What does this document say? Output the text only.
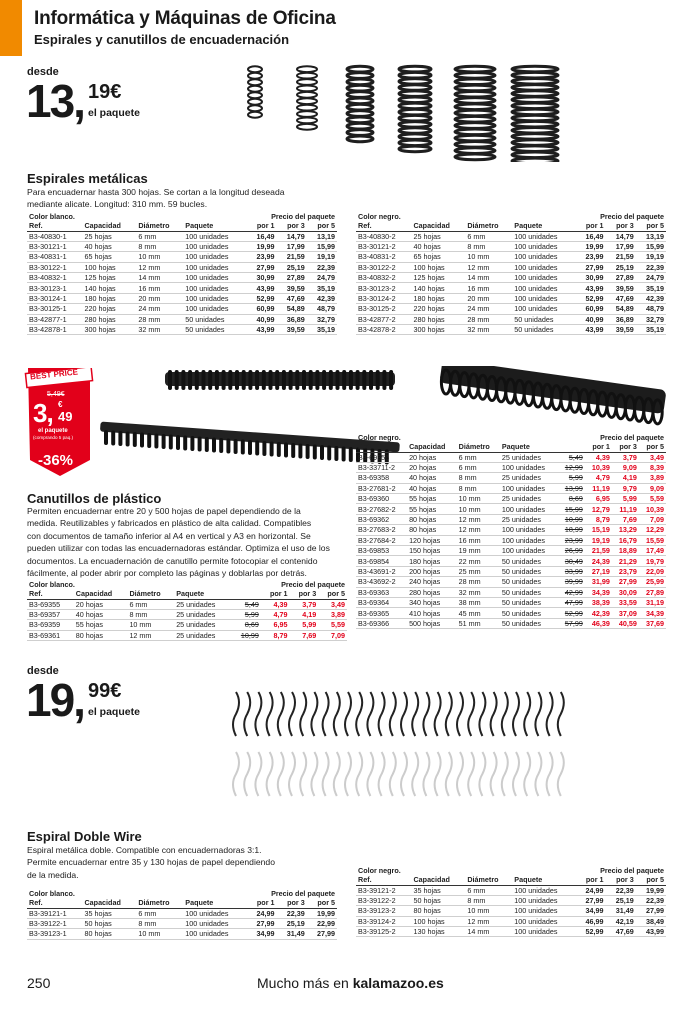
Informática y Máquinas de Oficina
Espirales y canutillos de encuadernación
desde
13, 19€
el paquete
Espirales metálicas
Para encuadernar hasta 300 hojas. Se cortan a la longitud deseada
mediante alicate. Longitud: 310 mm. 59 bucles.
Color blanco.				Precio del paquete		
Ref.	Capacidad	Diámetro	Paquete	por 1	por 3	por 5
B3-40830-1	25 hojas	6 mm	100 unidades	16,49	14,79	13,19
B3-30121-1	40 hojas	8 mm	100 unidades	19,99	17,99	15,99
B3-40831-1	65 hojas	10 mm	100 unidades	23,99	21,59	19,19
B3-30122-1	100 hojas	12 mm	100 unidades	27,99	25,19	22,39
B3-40832-1	125 hojas	14 mm	100 unidades	30,99	27,89	24,79
B3-30123-1	140 hojas	16 mm	100 unidades	43,99	39,59	35,19
B3-30124-1	180 hojas	20 mm	100 unidades	52,99	47,69	42,39
B3-30125-1	220 hojas	24 mm	100 unidades	60,99	54,89	48,79
B3-42877-1	280 hojas	28 mm	50 unidades	40,99	36,89	32,79
B3-42878-1	300 hojas	32 mm	50 unidades	43,99	39,59	35,19
Color negro.				Precio del paquete		
Ref.	Capacidad	Diámetro	Paquete	por 1	por 3	por 5
B3-40830-2	25 hojas	6 mm	100 unidades	16,49	14,79	13,19
B3-30121-2	40 hojas	8 mm	100 unidades	19,99	17,99	15,99
B3-40831-2	65 hojas	10 mm	100 unidades	23,99	21,59	19,19
B3-30122-2	100 hojas	12 mm	100 unidades	27,99	25,19	22,39
B3-40832-2	125 hojas	14 mm	100 unidades	30,99	27,89	24,79
B3-30123-2	140 hojas	16 mm	100 unidades	43,99	39,59	35,19
B3-30124-2	180 hojas	20 mm	100 unidades	52,99	47,69	42,39
B3-30125-2	220 hojas	24 mm	100 unidades	60,99	54,89	48,79
B3-42877-2	280 hojas	28 mm	50 unidades	40,99	36,89	32,79
B3-42878-2	300 hojas	32 mm	50 unidades	43,99	39,59	35,19
BEST PRICE
5,49€
3, €
49
el paquete
(comprando 5 paq.)
-36%
Canutillos de plástico
Permiten encuadernar entre 20 y 500 hojas de papel dependiendo de la
medida. Reutilizables y fabricados en plástico de alta calidad. Compatibles
con documentos de tamaño inferior al A4 en vertical y A3 en horizontal. Se
pueden utilizar con todas las encuadernadoras estándar. Optimiza el uso de los
documentos. La encuadernación de canutillo permite fotocopiar el contenido
fácilmente, al poder abrir por completo las páginas y doblarlas por detrás.
Color blanco.				Precio del paquete			
Ref.	Capacidad	Diámetro	Paquete		por 1	por 3	por 5
B3-69355	20 hojas	6 mm	25 unidades	5,49	4,39	3,79	3,49
B3-69357	40 hojas	8 mm	25 unidades	5,99	4,79	4,19	3,89
B3-69359	55 hojas	10 mm	25 unidades	8,69	6,95	5,99	5,59
B3-69361	80 hojas	12 mm	25 unidades	10,99	8,79	7,69	7,09
Color negro.				Precio del paquete			
Ref.	Capacidad	Diámetro	Paquete		por 1	por 3	por 5
B3-69356	20 hojas	6 mm	25 unidades	5,49	4,39	3,79	3,49
B3-33711-2	20 hojas	6 mm	100 unidades	12,99	10,39	9,09	8,39
B3-69358	40 hojas	8 mm	25 unidades	5,99	4,79	4,19	3,89
B3-27681-2	40 hojas	8 mm	100 unidades	13,99	11,19	9,79	9,09
B3-69360	55 hojas	10 mm	25 unidades	8,69	6,95	5,99	5,59
B3-27682-2	55 hojas	10 mm	100 unidades	15,99	12,79	11,19	10,39
B3-69362	80 hojas	12 mm	25 unidades	10,99	8,79	7,69	7,09
B3-27683-2	80 hojas	12 mm	100 unidades	18,99	15,19	13,29	12,29
B3-27684-2	120 hojas	16 mm	100 unidades	23,99	19,19	16,79	15,59
B3-69853	150 hojas	19 mm	100 unidades	26,99	21,59	18,89	17,49
B3-69854	180 hojas	22 mm	50 unidades	30,49	24,39	21,29	19,79
B3-43691-2	200 hojas	25 mm	50 unidades	33,99	27,19	23,79	22,09
B3-43692-2	240 hojas	28 mm	50 unidades	39,99	31,99	27,99	25,99
B3-69363	280 hojas	32 mm	50 unidades	42,99	34,39	30,09	27,89
B3-69364	340 hojas	38 mm	50 unidades	47,99	38,39	33,59	31,19
B3-69365	410 hojas	45 mm	50 unidades	52,99	42,39	37,09	34,39
B3-69366	500 hojas	51 mm	50 unidades	57,99	46,39	40,59	37,69
desde
19, 99€
el paquete
Espiral Doble Wire
Espiral metálica doble. Compatible con encuadernadoras 3:1.
Permite encuadernar entre 35 y 130 hojas de papel dependiendo
de la medida.
Color blanco.				Precio del paquete		
Ref.	Capacidad	Diámetro	Paquete	por 1	por 3	por 5
B3-39121-1	35 hojas	6 mm	100 unidades	24,99	22,39	19,99
B3-39122-1	50 hojas	8 mm	100 unidades	27,99	25,19	22,99
B3-39123-1	80 hojas	10 mm	100 unidades	34,99	31,49	27,99
Color negro.				Precio del paquete		
Ref.	Capacidad	Diámetro	Paquete	por 1	por 3	por 5
B3-39121-2	35 hojas	6 mm	100 unidades	24,99	22,39	19,99
B3-39122-2	50 hojas	8 mm	100 unidades	27,99	25,19	22,39
B3-39123-2	80 hojas	10 mm	100 unidades	34,99	31,49	27,99
B3-39124-2	100 hojas	12 mm	100 unidades	46,99	42,19	38,49
B3-39125-2	130 hojas	14 mm	100 unidades	52,99	47,69	43,99
250	Mucho más en kalamazoo.es
